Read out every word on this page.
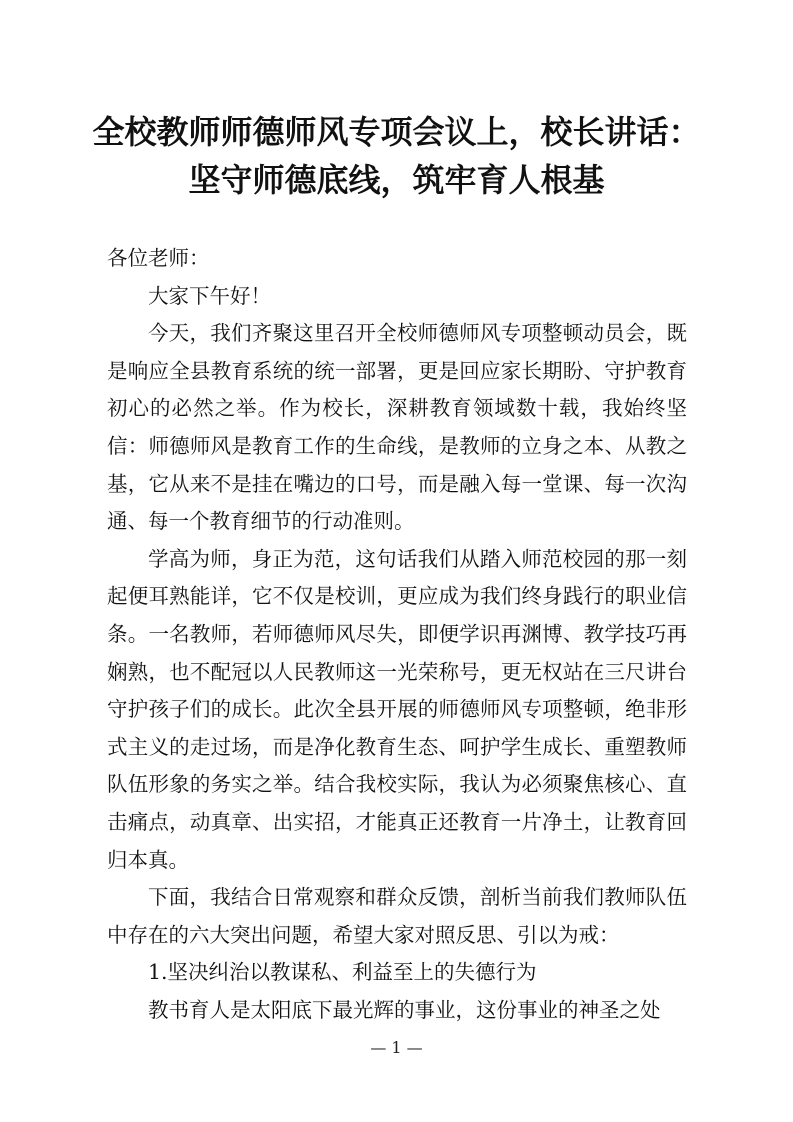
全校教师师德师风专项会议上，校长讲话：
坚守师德底线，筑牢育人根基

各位老师：

大家下午好！

今天，我们齐聚这里召开全校师德师风专项整顿动员会，既是响应全县教育系统的统一部署，更是回应家长期盼、守护教育初心的必然之举。作为校长，深耕教育领域数十载，我始终坚信：师德师风是教育工作的生命线，是教师的立身之本、从教之基，它从来不是挂在嘴边的口号，而是融入每一堂课、每一次沟通、每一个教育细节的行动准则。

学高为师，身正为范，这句话我们从踏入师范校园的那一刻起便耳熟能详，它不仅是校训，更应成为我们终身践行的职业信条。一名教师，若师德师风尽失，即便学识再渊博、教学技巧再娴熟，也不配冠以人民教师这一光荣称号，更无权站在三尺讲台守护孩子们的成长。此次全县开展的师德师风专项整顿，绝非形式主义的走过场，而是净化教育生态、呵护学生成长、重塑教师队伍形象的务实之举。结合我校实际，我认为必须聚焦核心、直击痛点，动真章、出实招，才能真正还教育一片净土，让教育回归本真。

下面，我结合日常观察和群众反馈，剖析当前我们教师队伍中存在的六大突出问题，希望大家对照反思、引以为戒：

1.坚决纠治以教谋私、利益至上的失德行为

教书育人是太阳底下最光辉的事业，这份事业的神圣之处

— 1 —
